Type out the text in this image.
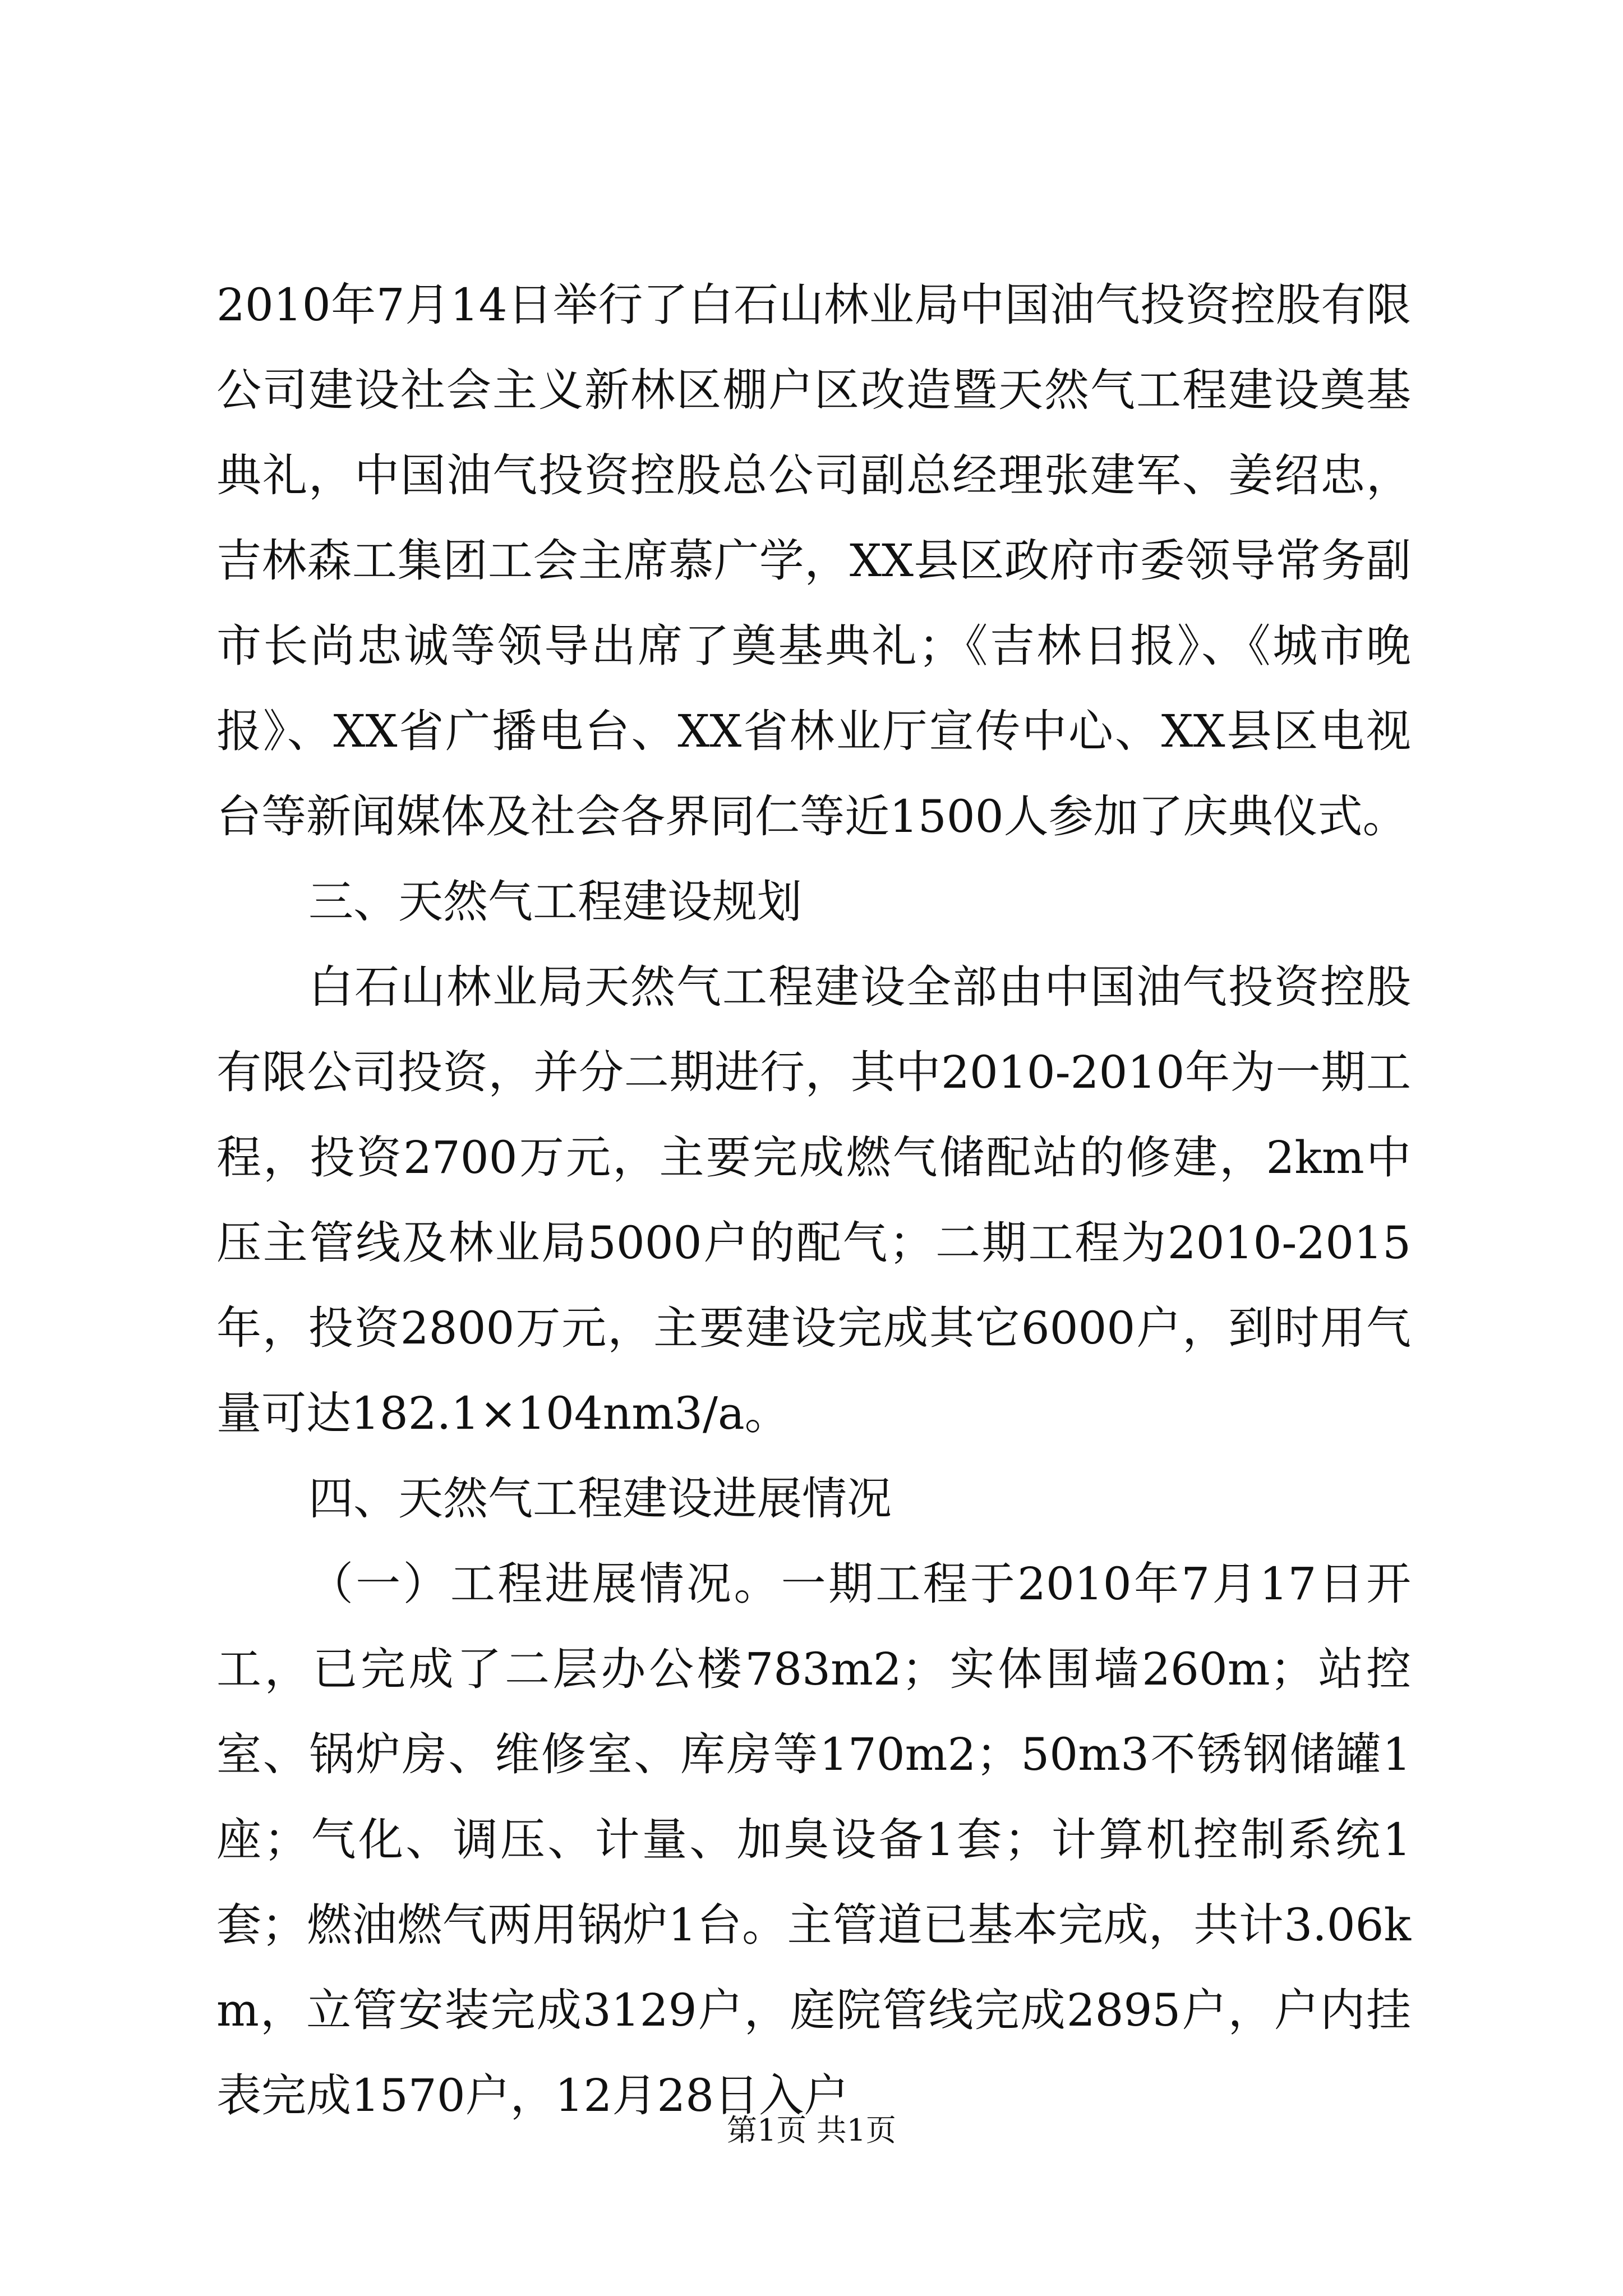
2010年7月14日举行了白石山林业局中国油气投资控股有限公司建设社会主义新林区棚户区改造暨天然气工程建设奠基典礼，中国油气投资控股总公司副总经理张建军、姜绍忠，吉林森工集团工会主席慕广学，XX县区政府市委领导常务副市长尚忠诚等领导出席了奠基典礼；《吉林日报》、《城市晚报》、XX省广播电台、XX省林业厅宣传中心、XX县区电视台等新闻媒体及社会各界同仁等近1500人参加了庆典仪式。

三、天然气工程建设规划

白石山林业局天然气工程建设全部由中国油气投资控股有限公司投资，并分二期进行，其中2010-2010年为一期工程，投资2700万元，主要完成燃气储配站的修建，2km中压主管线及林业局5000户的配气；二期工程为2010-2015年，投资2800万元，主要建设完成其它6000户，到时用气量可达182.1×104nm3/a。

四、天然气工程建设进展情况

（一）工程进展情况。一期工程于2010年7月17日开工，已完成了二层办公楼783m2；实体围墙260m；站控室、锅炉房、维修室、库房等170m2；50m3不锈钢储罐1座；气化、调压、计量、加臭设备1套；计算机控制系统1套；燃油燃气两用锅炉1台。主管道已基本完成，共计3.06km，立管安装完成3129户，庭院管线完成2895户，户内挂表完成1570户，12月28日入户

第1页 共1页
